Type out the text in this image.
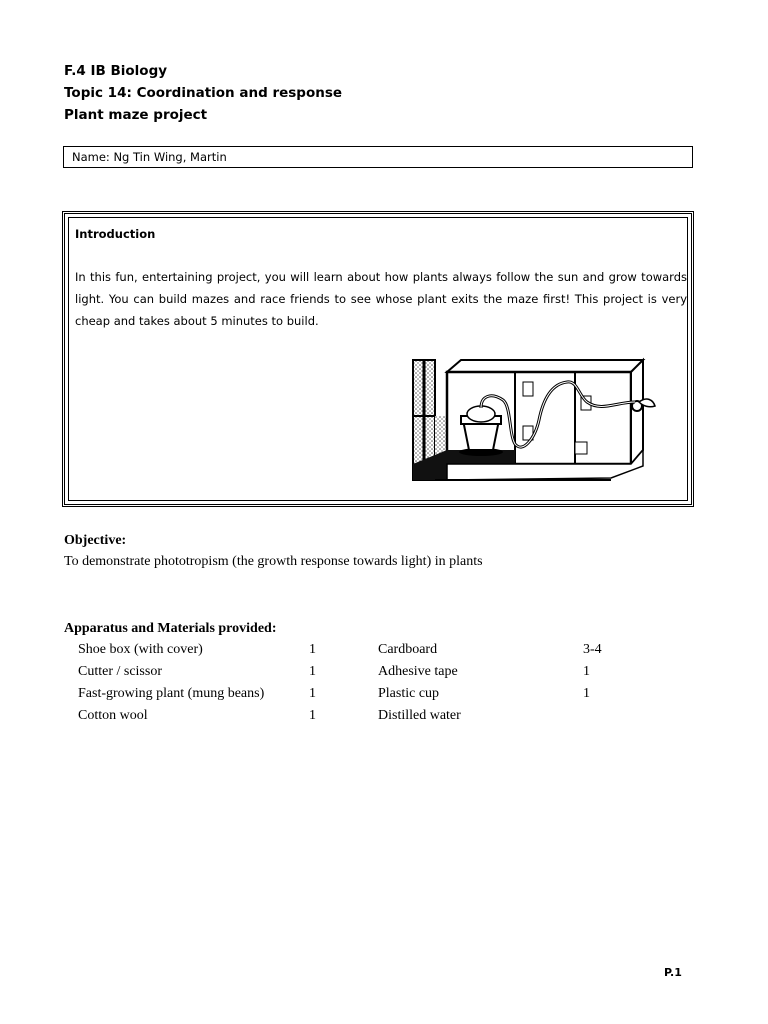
F.4 IB Biology
Topic 14: Coordination and response
Plant maze project
Name: Ng Tin Wing, Martin
Introduction
In this fun, entertaining project, you will learn about how plants always follow the sun and grow towards light. You can build mazes and race friends to see whose plant exits the maze first! This project is very cheap and takes about 5 minutes to build.
Objective:
To demonstrate phototropism (the growth response towards light) in plants
Apparatus and Materials provided:
Shoe box (with cover)	1	Cardboard	3-4
Cutter / scissor	1	Adhesive tape	1
Fast-growing plant (mung beans)	1	Plastic cup	1
Cotton wool	1	Distilled water
P.1
